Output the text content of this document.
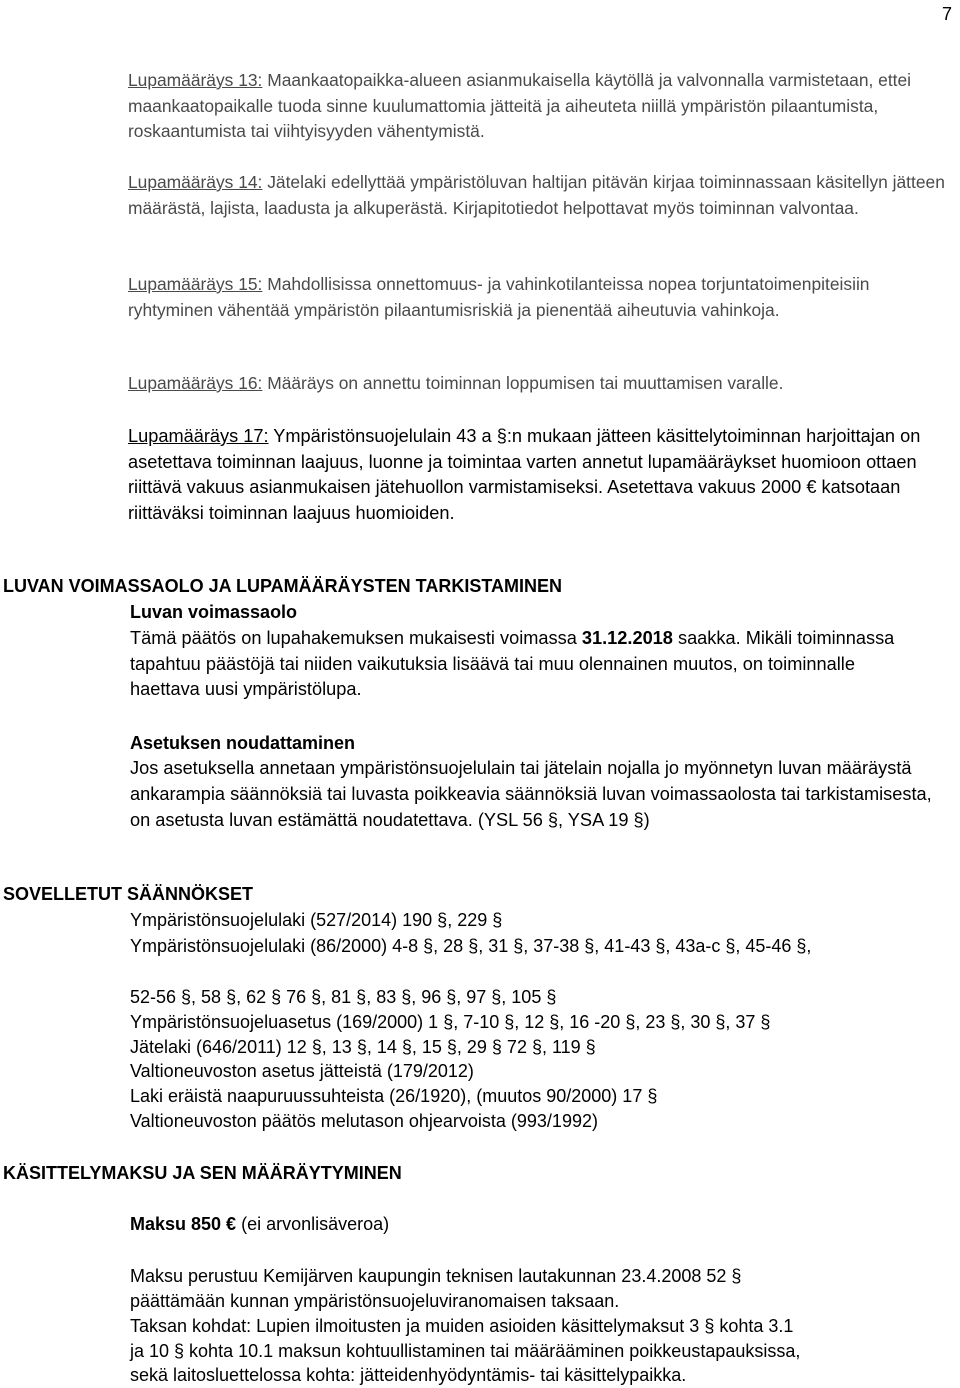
7
Lupamääräys 13: Maankaatopaikka-alueen asianmukaisella käytöllä ja valvonnalla varmistetaan, ettei maankaatopaikalle tuoda sinne kuulumattomia jätteitä ja aiheuteta niillä ympäristön pilaantumista, roskaantumista tai viihtyisyyden vähentymistä.
Lupamääräys 14: Jätelaki edellyttää ympäristöluvan haltijan pitävän kirjaa toiminnassaan käsitellyn jätteen määrästä, lajista, laadusta ja alkuperästä. Kirjapitotiedot helpottavat myös toiminnan valvontaa.
Lupamääräys 15: Mahdollisissa onnettomuus- ja vahinkotilanteissa nopea torjuntatoimenpiteisiin ryhtyminen vähentää ympäristön pilaantumisriskiä ja pienentää aiheutuvia vahinkoja.
Lupamääräys 16: Määräys on annettu toiminnan loppumisen tai muuttamisen varalle.
Lupamääräys 17: Ympäristönsuojelulain 43 a §:n mukaan jätteen käsittelytoiminnan harjoittajan on asetettava toiminnan laajuus, luonne ja toimintaa varten annetut lupamääräykset huomioon ottaen riittävä vakuus asianmukaisen jätehuollon varmistamiseksi. Asetettava vakuus 2000 € katsotaan riittäväksi toiminnan laajuus huomioiden.
LUVAN VOIMASSAOLO JA LUPAMÄÄRÄYSTEN TARKISTAMINEN
Luvan voimassaolo
Tämä päätös on lupahakemuksen mukaisesti voimassa 31.12.2018 saakka. Mikäli toiminnassa tapahtuu päästöjä tai niiden vaikutuksia lisäävä tai muu olennainen muutos, on toiminnalle haettava uusi ympäristölupa.
Asetuksen noudattaminen
Jos asetuksella annetaan ympäristönsuojelulain tai jätelain nojalla jo myönnetyn luvan määräystä ankarampia säännöksiä tai luvasta poikkeavia säännöksiä luvan voimassaolosta tai tarkistamisesta, on asetusta luvan estämättä noudatettava. (YSL 56 §, YSA 19 §)
SOVELLETUT SÄÄNNÖKSET
Ympäristönsuojelulaki (527/2014) 190 §, 229 §
Ympäristönsuojelulaki (86/2000) 4-8 §, 28 §, 31 §, 37-38 §, 41-43 §, 43a-c §, 45-46 §,
52-56 §, 58 §, 62 § 76 §, 81 §, 83 §, 96 §, 97 §, 105 §
Ympäristönsuojeluasetus (169/2000) 1 §, 7-10 §, 12 §, 16 -20 §, 23 §, 30 §, 37 §
Jätelaki (646/2011) 12 §, 13 §, 14 §, 15 §, 29 § 72 §, 119 §
Valtioneuvoston asetus jätteistä (179/2012)
Laki eräistä naapuruussuhteista (26/1920), (muutos 90/2000) 17 §
Valtioneuvoston päätös melutason ohjearvoista (993/1992)
KÄSITTELYMAKSU JA SEN MÄÄRÄYTYMINEN
Maksu 850 € (ei arvonlisäveroa)
Maksu perustuu Kemijärven kaupungin teknisen lautakunnan 23.4.2008 52 §
päättämään kunnan ympäristönsuojeluviranomaisen taksaan.
Taksan kohdat: Lupien ilmoitusten ja muiden asioiden käsittelymaksut 3 § kohta 3.1
ja 10 § kohta 10.1 maksun kohtuullistaminen tai määrääminen poikkeustapauksissa,
sekä laitosluettelossa kohta: jätteidenhyödyntämis- tai käsittelypaikka.
